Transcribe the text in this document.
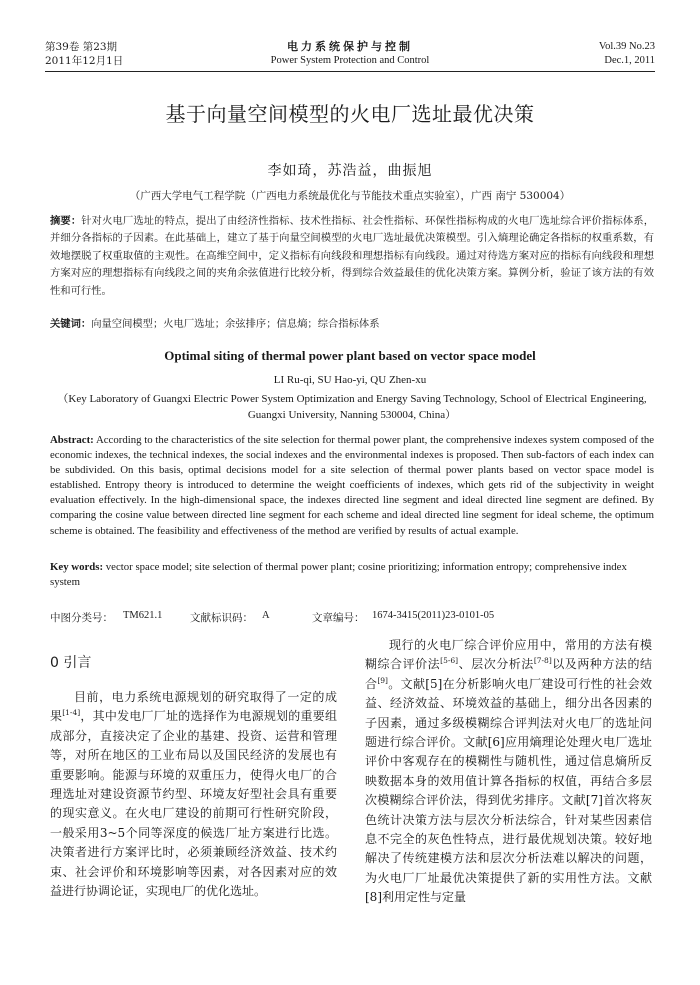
第39卷 第23期
2011年12月1日
电力系统保护与控制
Power System Protection and Control
Vol.39 No.23
Dec.1, 2011
基于向量空间模型的火电厂选址最优决策
李如琦，苏浩益，曲振旭
（广西大学电气工程学院（广西电力系统最优化与节能技术重点实验室），广西 南宁 530004）
摘要：针对火电厂选址的特点，提出了由经济性指标、技术性指标、社会性指标、环保性指标构成的火电厂选址综合评价指标体系，并细分各指标的子因素。在此基础上，建立了基于向量空间模型的火电厂选址最优决策模型。引入熵理论确定各指标的权重系数，有效地摆脱了权重取值的主观性。在高维空间中，定义指标有向线段和理想指标有向线段。通过对待选方案对应的指标有向线段和理想方案对应的理想指标有向线段之间的夹角余弦值进行比较分析，得到综合效益最佳的优化决策方案。算例分析，验证了该方法的有效性和可行性。
关键词：向量空间模型；火电厂选址；余弦排序；信息熵；综合指标体系
Optimal siting of thermal power plant based on vector space model
LI Ru-qi, SU Hao-yi, QU Zhen-xu
（Key Laboratory of Guangxi Electric Power System Optimization and Energy Saving Technology, School of Electrical Engineering, Guangxi University, Nanning 530004, China）
Abstract: According to the characteristics of the site selection for thermal power plant, the comprehensive indexes system composed of the economic indexes, the technical indexes, the social indexes and the environmental indexes is proposed. Then sub-factors of each index can be subdivided. On this basis, optimal decisions model for a site selection of thermal power plants based on vector space model is established. Entropy theory is introduced to determine the weight coefficients of indexes, which gets rid of the subjectivity in weight evaluation effectively. In the high-dimensional space, the indexes directed line segment and ideal directed line segment are defined. By comparing the cosine value between directed line segment for each scheme and ideal directed line segment for ideal scheme, the optimum scheme is obtained. The feasibility and effectiveness of the method are verified by results of actual example.
Key words: vector space model; site selection of thermal power plant; cosine prioritizing; information entropy; comprehensive index system
中图分类号： TM621.1	文献标识码： A	文章编号： 1674-3415(2011)23-0101-05
0 引言

目前，电力系统电源规划的研究取得了一定的成果[1-4]，其中发电厂厂址的选择作为电源规划的重要组成部分，直接决定了企业的基建、投资、运营和管理等，对所在地区的工业布局以及国民经济的发展也有重要影响。能源与环境的双重压力，使得火电厂的合理选址对建设资源节约型、环境友好型社会具有重要的现实意义。在火电厂建设的前期可行性研究阶段，一般采用3~5个同等深度的候选厂址方案进行比选。决策者进行方案评比时，必须兼顾经济效益、技术约束、社会评价和环境影响等因素，对各因素对应的效益进行协调论证，实现电厂的优化选址。

现行的火电厂综合评价应用中，常用的方法有模糊综合评价法[5-6]、层次分析法[7-8]以及两种方法的结合[9]。文献[5]在分析影响火电厂建设可行性的社会效益、经济效益、环境效益的基础上，细分出各因素的子因素，通过多级模糊综合评判法对火电厂的选址问题进行综合评价。文献[6]应用熵理论处理火电厂选址评价中客观存在的模糊性与随机性，通过信息熵所反映数据本身的效用值计算各指标的权值，再结合多层次模糊综合评价法，得到优劣排序。文献[7]首次将灰色统计决策方法与层次分析法综合，针对某些因素信息不完全的灰色性特点，进行最优规划决策。较好地解决了传统建模方法和层次分析法难以解决的问题，为火电厂厂址最优决策提供了新的实用性方法。文献[8]利用定性与定量
